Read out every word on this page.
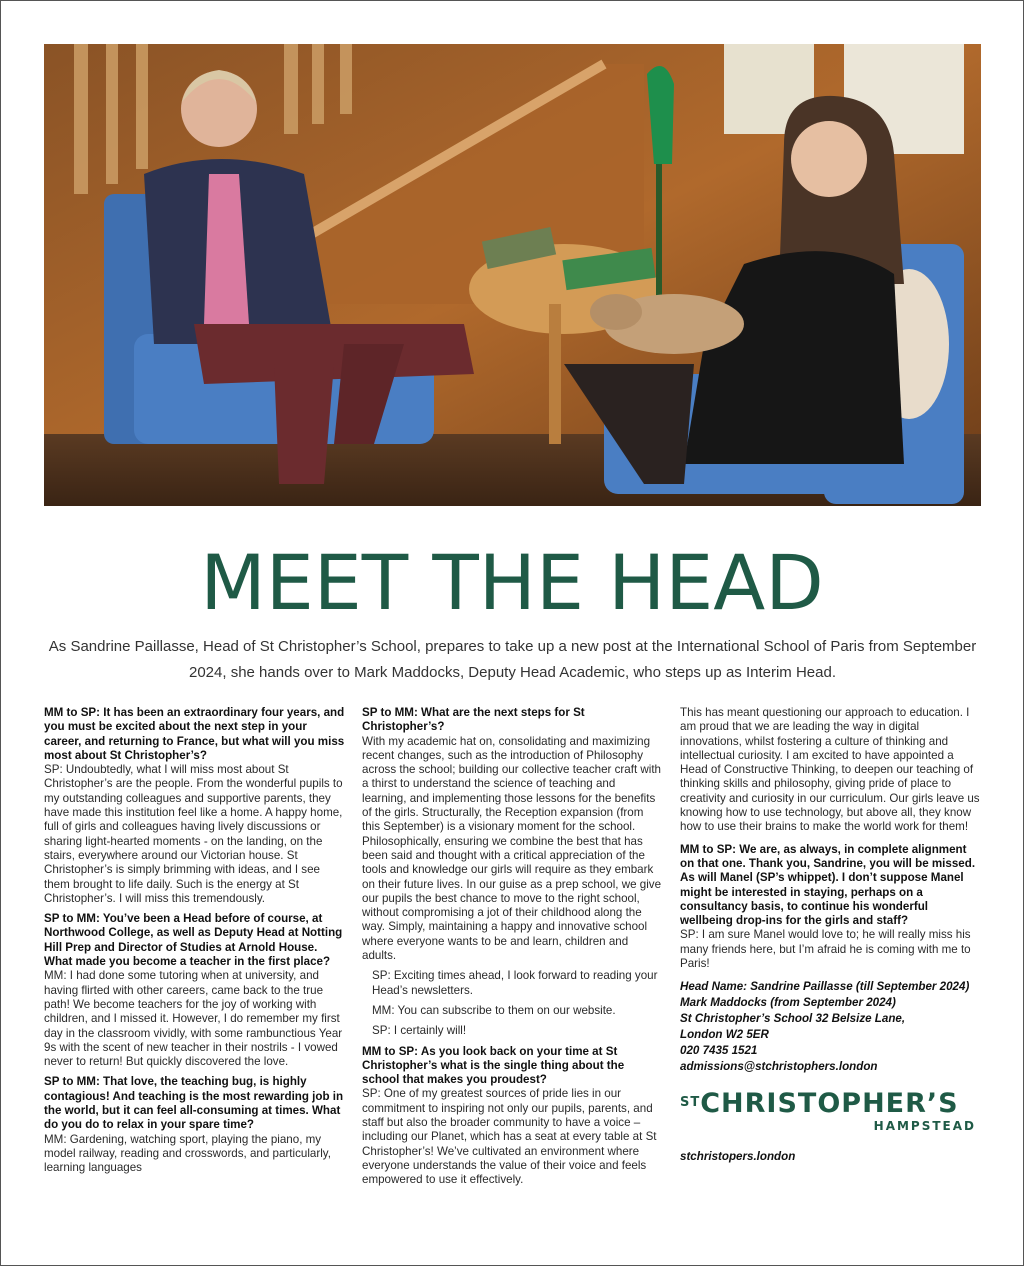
MEET THE HEAD

As Sandrine Paillasse, Head of St Christopher’s School, prepares to take up a new post at the International School of Paris from September 2024, she hands over to Mark Maddocks, Deputy Head Academic, who steps up as Interim Head.

MM to SP: It has been an extraordinary four years, and you must be excited about the next step in your career, and returning to France, but what will you miss most about St Christopher’s?

SP: Undoubtedly, what I will miss most about St Christopher’s are the people. From the wonderful pupils to my outstanding colleagues and supportive parents, they have made this institution feel like a home. A happy home, full of girls and colleagues having lively discussions or sharing light-hearted moments - on the landing, on the stairs, everywhere around our Victorian house. St Christopher’s is simply brimming with ideas, and I see them brought to life daily. Such is the energy at St Christopher’s. I will miss this tremendously.

SP to MM: You’ve been a Head before of course, at Northwood College, as well as Deputy Head at Notting Hill Prep and Director of Studies at Arnold House. What made you become a teacher in the first place?

MM: I had done some tutoring when at university, and having flirted with other careers, came back to the true path! We become teachers for the joy of working with children, and I missed it. However, I do remember my first day in the classroom vividly, with some rambunctious Year 9s with the scent of new teacher in their nostrils - I vowed never to return! But quickly discovered the love.

SP to MM: That love, the teaching bug, is highly contagious! And teaching is the most rewarding job in the world, but it can feel all-consuming at times. What do you do to relax in your spare time?

MM: Gardening, watching sport, playing the piano, my model railway, reading and crosswords, and particularly, learning languages

SP to MM: What are the next steps for St Christopher’s?

With my academic hat on, consolidating and maximizing recent changes, such as the introduction of Philosophy across the school; building our collective teacher craft with a thirst to understand the science of teaching and learning, and implementing those lessons for the benefits of the girls. Structurally, the Reception expansion (from this September) is a visionary moment for the school. Philosophically, ensuring we combine the best that has been said and thought with a critical appreciation of the tools and knowledge our girls will require as they embark on their future lives. In our guise as a prep school, we give our pupils the best chance to move to the right school, without compromising a jot of their childhood along the way. Simply, maintaining a happy and innovative school where everyone wants to be and learn, children and adults.

SP: Exciting times ahead, I look forward to reading your Head’s newsletters.

MM: You can subscribe to them on our website.

SP: I certainly will!

MM to SP: As you look back on your time at St Christopher’s what is the single thing about the school that makes you proudest?

SP: One of my greatest sources of pride lies in our commitment to inspiring not only our pupils, parents, and staff but also the broader community to have a voice – including our Planet, which has a seat at every table at St Christopher’s! We’ve cultivated an environment where everyone understands the value of their voice and feels empowered to use it effectively.

This has meant questioning our approach to education. I am proud that we are leading the way in digital innovations, whilst fostering a culture of thinking and intellectual curiosity. I am excited to have appointed a Head of Constructive Thinking, to deepen our teaching of thinking skills and philosophy, giving pride of place to creativity and curiosity in our curriculum. Our girls leave us knowing how to use technology, but above all, they know how to use their brains to make the world work for them!

MM to SP: We are, as always, in complete alignment on that one. Thank you, Sandrine, you will be missed. As will Manel (SP’s whippet). I don’t suppose Manel might be interested in staying, perhaps on a consultancy basis, to continue his wonderful wellbeing drop-ins for the girls and staff?

SP: I am sure Manel would love to; he will really miss his many friends here, but I’m afraid he is coming with me to Paris!

Head Name: Sandrine Paillasse (till September 2024)
Mark Maddocks (from September 2024)
St Christopher’s School 32 Belsize Lane,
London W2 5ER
020 7435 1521
admissions@stchristophers.london
$^{ST}$CHRISTOPHER’S
HAMPSTEAD
stchristopers.london
